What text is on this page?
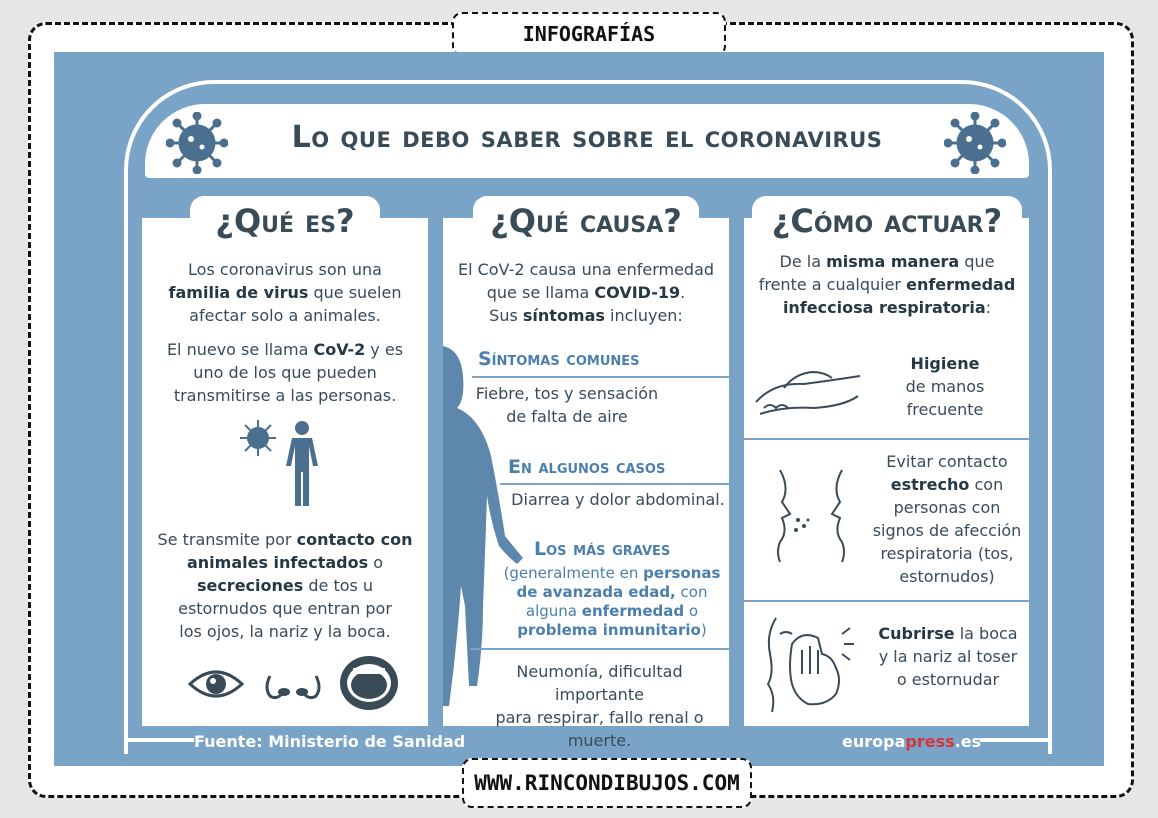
INFOGRAFÍAS
Lo que debo saber sobre el coronavirus
¿Qué es?	¿Qué causa?	¿Cómo actuar?
Los coronavirus son una
familia de virus que suelen
afectar solo a animales.
El nuevo se llama CoV-2 y es
uno de los que pueden
transmitirse a las personas.
Se transmite por contacto con
animales infectados o
secreciones de tos u
estornudos que entran por
los ojos, la nariz y la boca.
El CoV-2 causa una enfermedad
que se llama COVID-19.
Sus síntomas incluyen:
Síntomas comunes
Fiebre, tos y sensación
de falta de aire
En algunos casos
Diarrea y dolor abdominal.
Los más graves
(generalmente en personas
de avanzada edad, con
alguna enfermedad o
problema inmunitario)
Neumonía, dificultad importante
para respirar, fallo renal o muerte.
De la misma manera que
frente a cualquier enfermedad
infecciosa respiratoria:
Higiene
de manos
frecuente
Evitar contacto
estrecho con
personas con
signos de afección
respiratoria (tos,
estornudos)
Cubrirse la boca
y la nariz al toser
o estornudar
Fuente: Ministerio de Sanidad	europapress.es
WWW.RINCONDIBUJOS.COM
